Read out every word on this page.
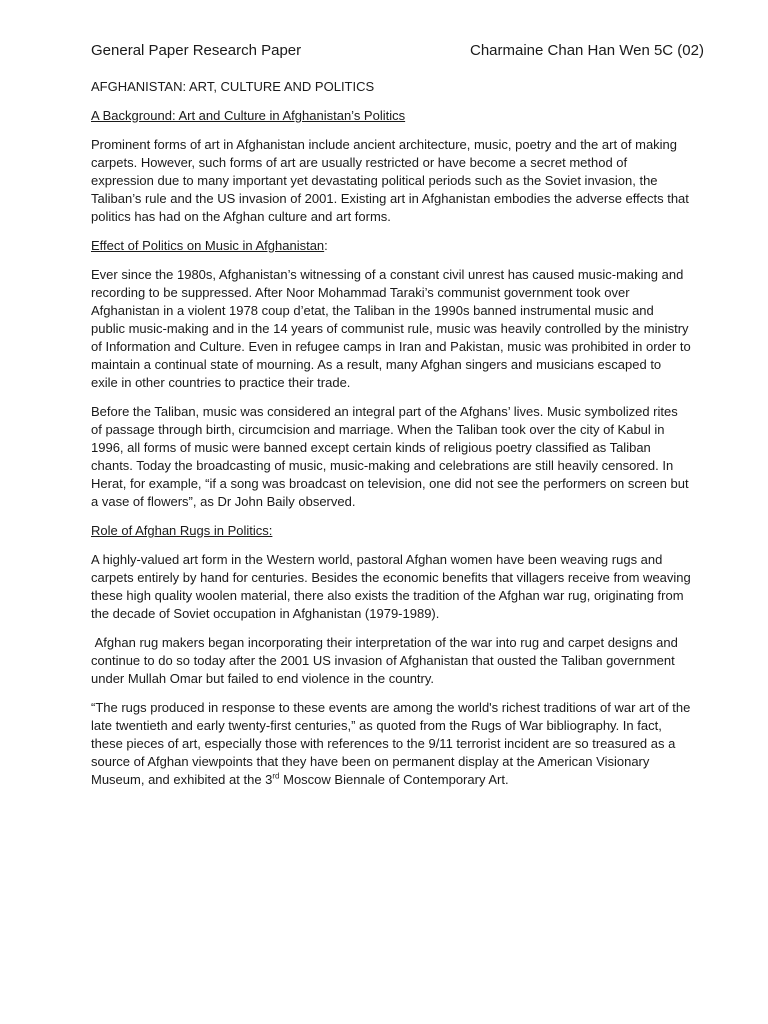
General Paper Research Paper	Charmaine Chan Han Wen 5C (02)
AFGHANISTAN: ART, CULTURE AND POLITICS
A Background: Art and Culture in Afghanistan’s Politics

Prominent forms of art in Afghanistan include ancient architecture, music, poetry and the art of making carpets. However, such forms of art are usually restricted or have become a secret method of expression due to many important yet devastating political periods such as the Soviet invasion, the Taliban’s rule and the US invasion of 2001. Existing art in Afghanistan embodies the adverse effects that politics has had on the Afghan culture and art forms.

Effect of Politics on Music in Afghanistan:

Ever since the 1980s, Afghanistan’s witnessing of a constant civil unrest has caused music-making and recording to be suppressed. After Noor Mohammad Taraki’s communist government took over Afghanistan in a violent 1978 coup d’etat, the Taliban in the 1990s banned instrumental music and public music-making and in the 14 years of communist rule, music was heavily controlled by the ministry of Information and Culture. Even in refugee camps in Iran and Pakistan, music was prohibited in order to maintain a continual state of mourning. As a result, many Afghan singers and musicians escaped to exile in other countries to practice their trade.

Before the Taliban, music was considered an integral part of the Afghans’ lives. Music symbolized rites of passage through birth, circumcision and marriage. When the Taliban took over the city of Kabul in 1996, all forms of music were banned except certain kinds of religious poetry classified as Taliban chants. Today the broadcasting of music, music-making and celebrations are still heavily censored. In Herat, for example, “if a song was broadcast on television, one did not see the performers on screen but a vase of flowers”, as Dr John Baily observed.

Role of Afghan Rugs in Politics:

A highly-valued art form in the Western world, pastoral Afghan women have been weaving rugs and carpets entirely by hand for centuries. Besides the economic benefits that villagers receive from weaving these high quality woolen material, there also exists the tradition of the Afghan war rug, originating from the decade of Soviet occupation in Afghanistan (1979-1989).

Afghan rug makers began incorporating their interpretation of the war into rug and carpet designs and continue to do so today after the 2001 US invasion of Afghanistan that ousted the Taliban government under Mullah Omar but failed to end violence in the country.

“The rugs produced in response to these events are among the world's richest traditions of war art of the late twentieth and early twenty-first centuries,” as quoted from the Rugs of War bibliography. In fact, these pieces of art, especially those with references to the 9/11 terrorist incident are so treasured as a source of Afghan viewpoints that they have been on permanent display at the American Visionary Museum, and exhibited at the 3rd Moscow Biennale of Contemporary Art.
